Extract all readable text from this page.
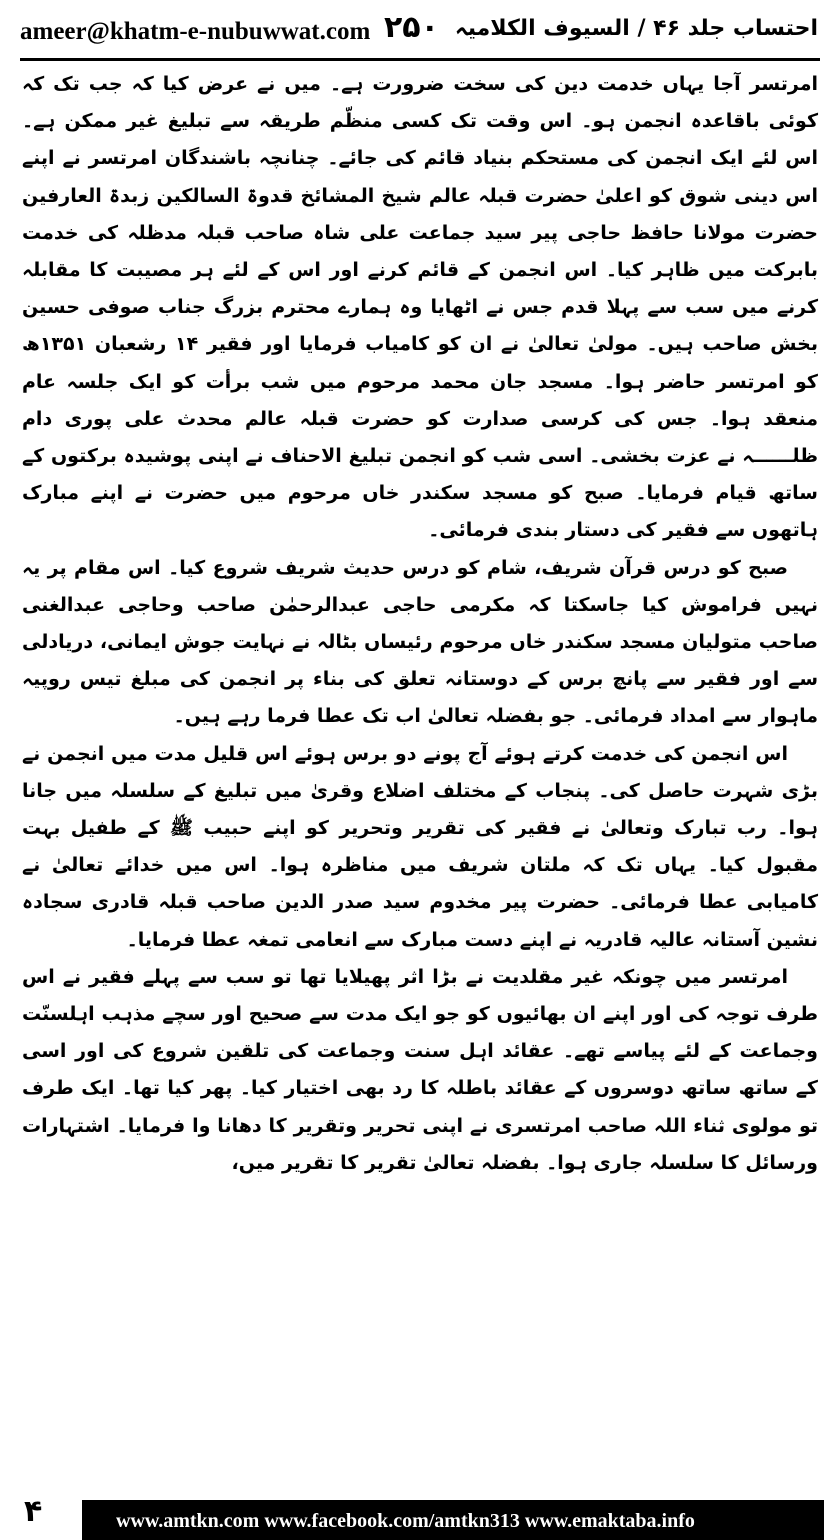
ameer@khatm-e-nubuwwat.com ۲۵۰ احتساب جلد ۴۶ / السیوف الکلامیہ

امرتسر آجا یہاں خدمت دین کی سخت ضرورت ہے۔ میں نے عرض کیا کہ جب تک کہ کوئی باقاعدہ انجمن ہو۔ اس وقت تک کسی منظّم طریقہ سے تبلیغ غیر ممکن ہے۔ اس لئے ایک انجمن کی مستحکم بنیاد قائم کی جائے۔ چنانچہ باشندگان امرتسر نے اپنے اس دینی شوق کو اعلیٰ حضرت قبلہ عالم شیخ المشائخ قدوۃ السالکین زبدۃ العارفین حضرت مولانا حافظ حاجی پیر سید جماعت علی شاہ صاحب قبلہ مدظلہ کی خدمت بابرکت میں ظاہر کیا۔ اس انجمن کے قائم کرنے اور اس کے لئے ہر مصیبت کا مقابلہ کرنے میں سب سے پہلا قدم جس نے اٹھایا وہ ہمارے محترم بزرگ جناب صوفی حسین بخش صاحب ہیں۔ مولیٰ تعالیٰ نے ان کو کامیاب فرمایا اور فقیر ۱۴ رشعبان ۱۳۵۱ھ کو امرتسر حاضر ہوا۔ مسجد جان محمد مرحوم میں شب برأت کو ایک جلسہ عام منعقد ہوا۔ جس کی کرسی صدارت کو حضرت قبلہ عالم محدث علی پوری دام ظلــــــہ نے عزت بخشی۔ اسی شب کو انجمن تبلیغ الاحناف نے اپنی پوشیدہ برکتوں کے ساتھ قیام فرمایا۔ صبح کو مسجد سکندر خاں مرحوم میں حضرت نے اپنے مبارک ہاتھوں سے فقیر کی دستار بندی فرمائی۔

صبح کو درس قرآن شریف، شام کو درس حدیث شریف شروع کیا۔ اس مقام پر یہ نہیں فراموش کیا جاسکتا کہ مکرمی حاجی عبدالرحمٰن صاحب وحاجی عبدالغنی صاحب متولیان مسجد سکندر خاں مرحوم رئیساں بٹالہ نے نہایت جوش ایمانی، دریادلی سے اور فقیر سے پانچ برس کے دوستانہ تعلق کی بناء پر انجمن کی مبلغ تیس روپیہ ماہوار سے امداد فرمائی۔ جو بفضلہ تعالیٰ اب تک عطا فرما رہے ہیں۔

اس انجمن کی خدمت کرتے ہوئے آج پونے دو برس ہوئے اس قلیل مدت میں انجمن نے بڑی شہرت حاصل کی۔ پنجاب کے مختلف اضلاع وقریٰ میں تبلیغ کے سلسلہ میں جانا ہوا۔ رب تبارک وتعالیٰ نے فقیر کی تقریر وتحریر کو اپنے حبیب ﷺ کے طفیل بہت مقبول کیا۔ یہاں تک کہ ملتان شریف میں مناظرہ ہوا۔ اس میں خدائے تعالیٰ نے کامیابی عطا فرمائی۔ حضرت پیر مخدوم سید صدر الدین صاحب قبلہ قادری سجادہ نشین آستانہ عالیہ قادریہ نے اپنے دست مبارک سے انعامی تمغہ عطا فرمایا۔

امرتسر میں چونکہ غیر مقلدیت نے بڑا اثر پھیلایا تھا تو سب سے پہلے فقیر نے اس طرف توجہ کی اور اپنے ان بھائیوں کو جو ایک مدت سے صحیح اور سچے مذہب اہلسنّت وجماعت کے لئے پیاسے تھے۔ عقائد اہل سنت وجماعت کی تلقین شروع کی اور اسی کے ساتھ ساتھ دوسروں کے عقائد باطلہ کا رد بھی اختیار کیا۔ پھر کیا تھا۔ ایک طرف تو مولوی ثناء اللہ صاحب امرتسری نے اپنی تحریر وتقریر کا دھانا وا فرمایا۔ اشتہارات ورسائل کا سلسلہ جاری ہوا۔ بفضلہ تعالیٰ تقریر کا تقریر میں،

۴	www.amtkn.com www.facebook.com/amtkn313 www.emaktaba.info
